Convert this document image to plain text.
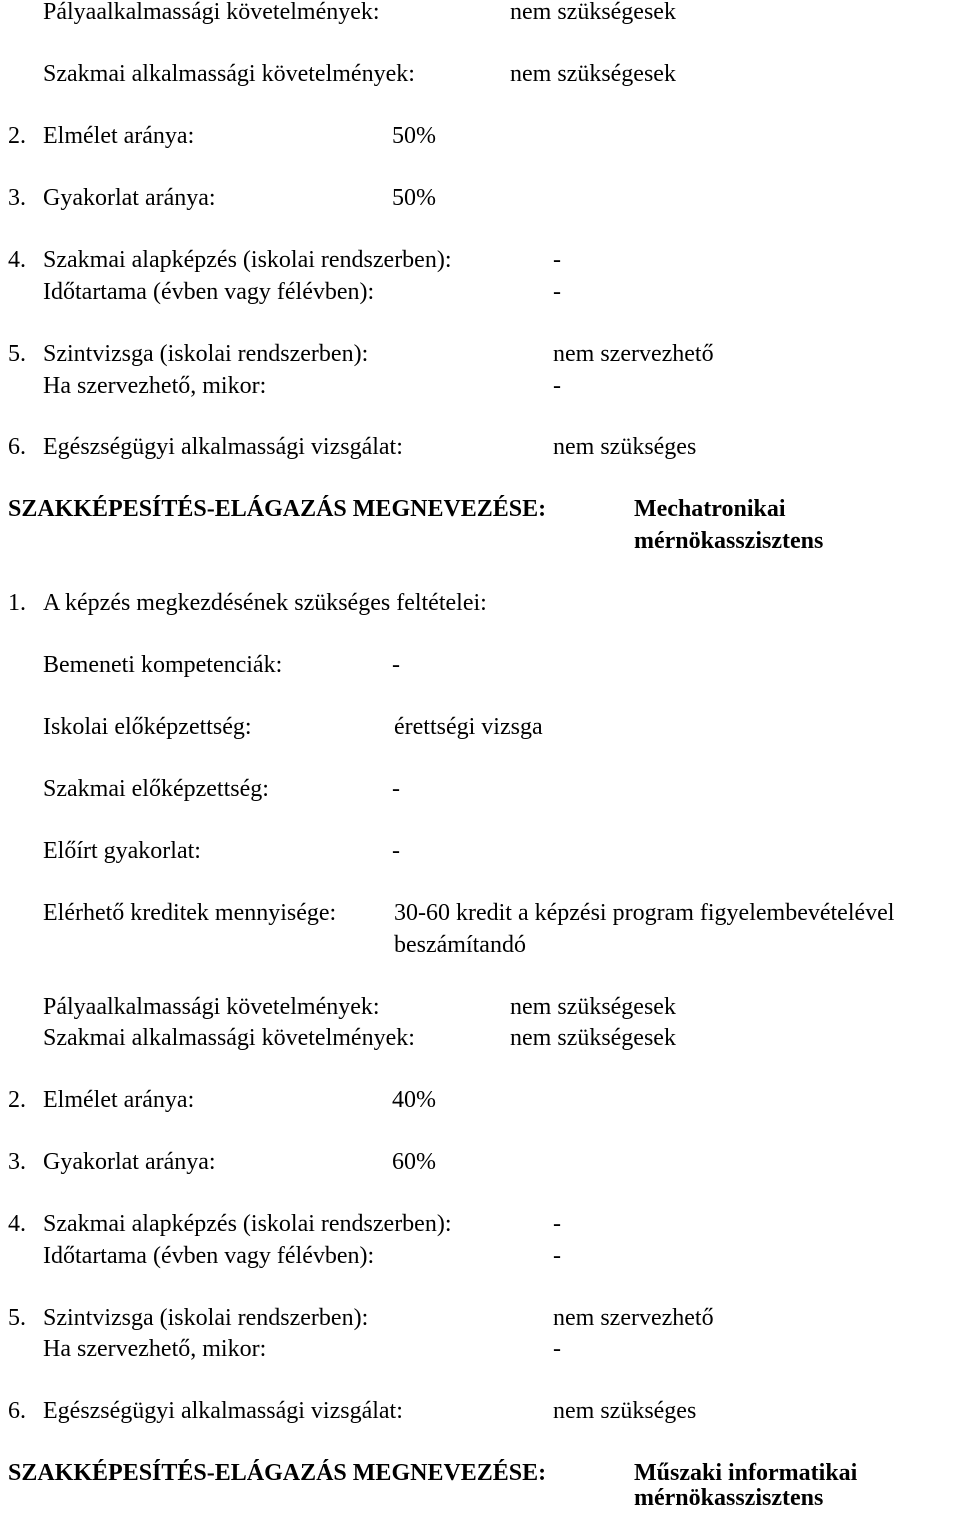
Pályaalkalmassági követelmények:	nem szükségesek
Szakmai alkalmassági követelmények:	nem szükségesek
2. Elmélet aránya:	50%
3. Gyakorlat aránya:	50%
4. Szakmai alapképzés (iskolai rendszerben):	-
Időtartama (évben vagy félévben):	-
5. Szintvizsga (iskolai rendszerben):	nem szervezhető
Ha szervezhető, mikor:	-
6. Egészségügyi alkalmassági vizsgálat:	nem szükséges
SZAKKÉPESÍTÉS-ELÁGAZÁS MEGNEVEZÉSE:	Mechatronikai
mérnökasszisztens
1. A képzés megkezdésének szükséges feltételei:
Bemeneti kompetenciák:	-
Iskolai előképzettség:	érettségi vizsga
Szakmai előképzettség:	-
Előírt gyakorlat:	-
Elérhető kreditek mennyisége: 30-60 kredit a képzési program figyelembevételével
beszámítandó
Pályaalkalmassági követelmények:	nem szükségesek
Szakmai alkalmassági követelmények:	nem szükségesek
2. Elmélet aránya:	40%
3. Gyakorlat aránya:	60%
4. Szakmai alapképzés (iskolai rendszerben):	-
Időtartama (évben vagy félévben):	-
5. Szintvizsga (iskolai rendszerben):	nem szervezhető
Ha szervezhető, mikor:	-
6. Egészségügyi alkalmassági vizsgálat:	nem szükséges
SZAKKÉPESÍTÉS-ELÁGAZÁS MEGNEVEZÉSE:	Műszaki informatikai
mérnökasszisztens
